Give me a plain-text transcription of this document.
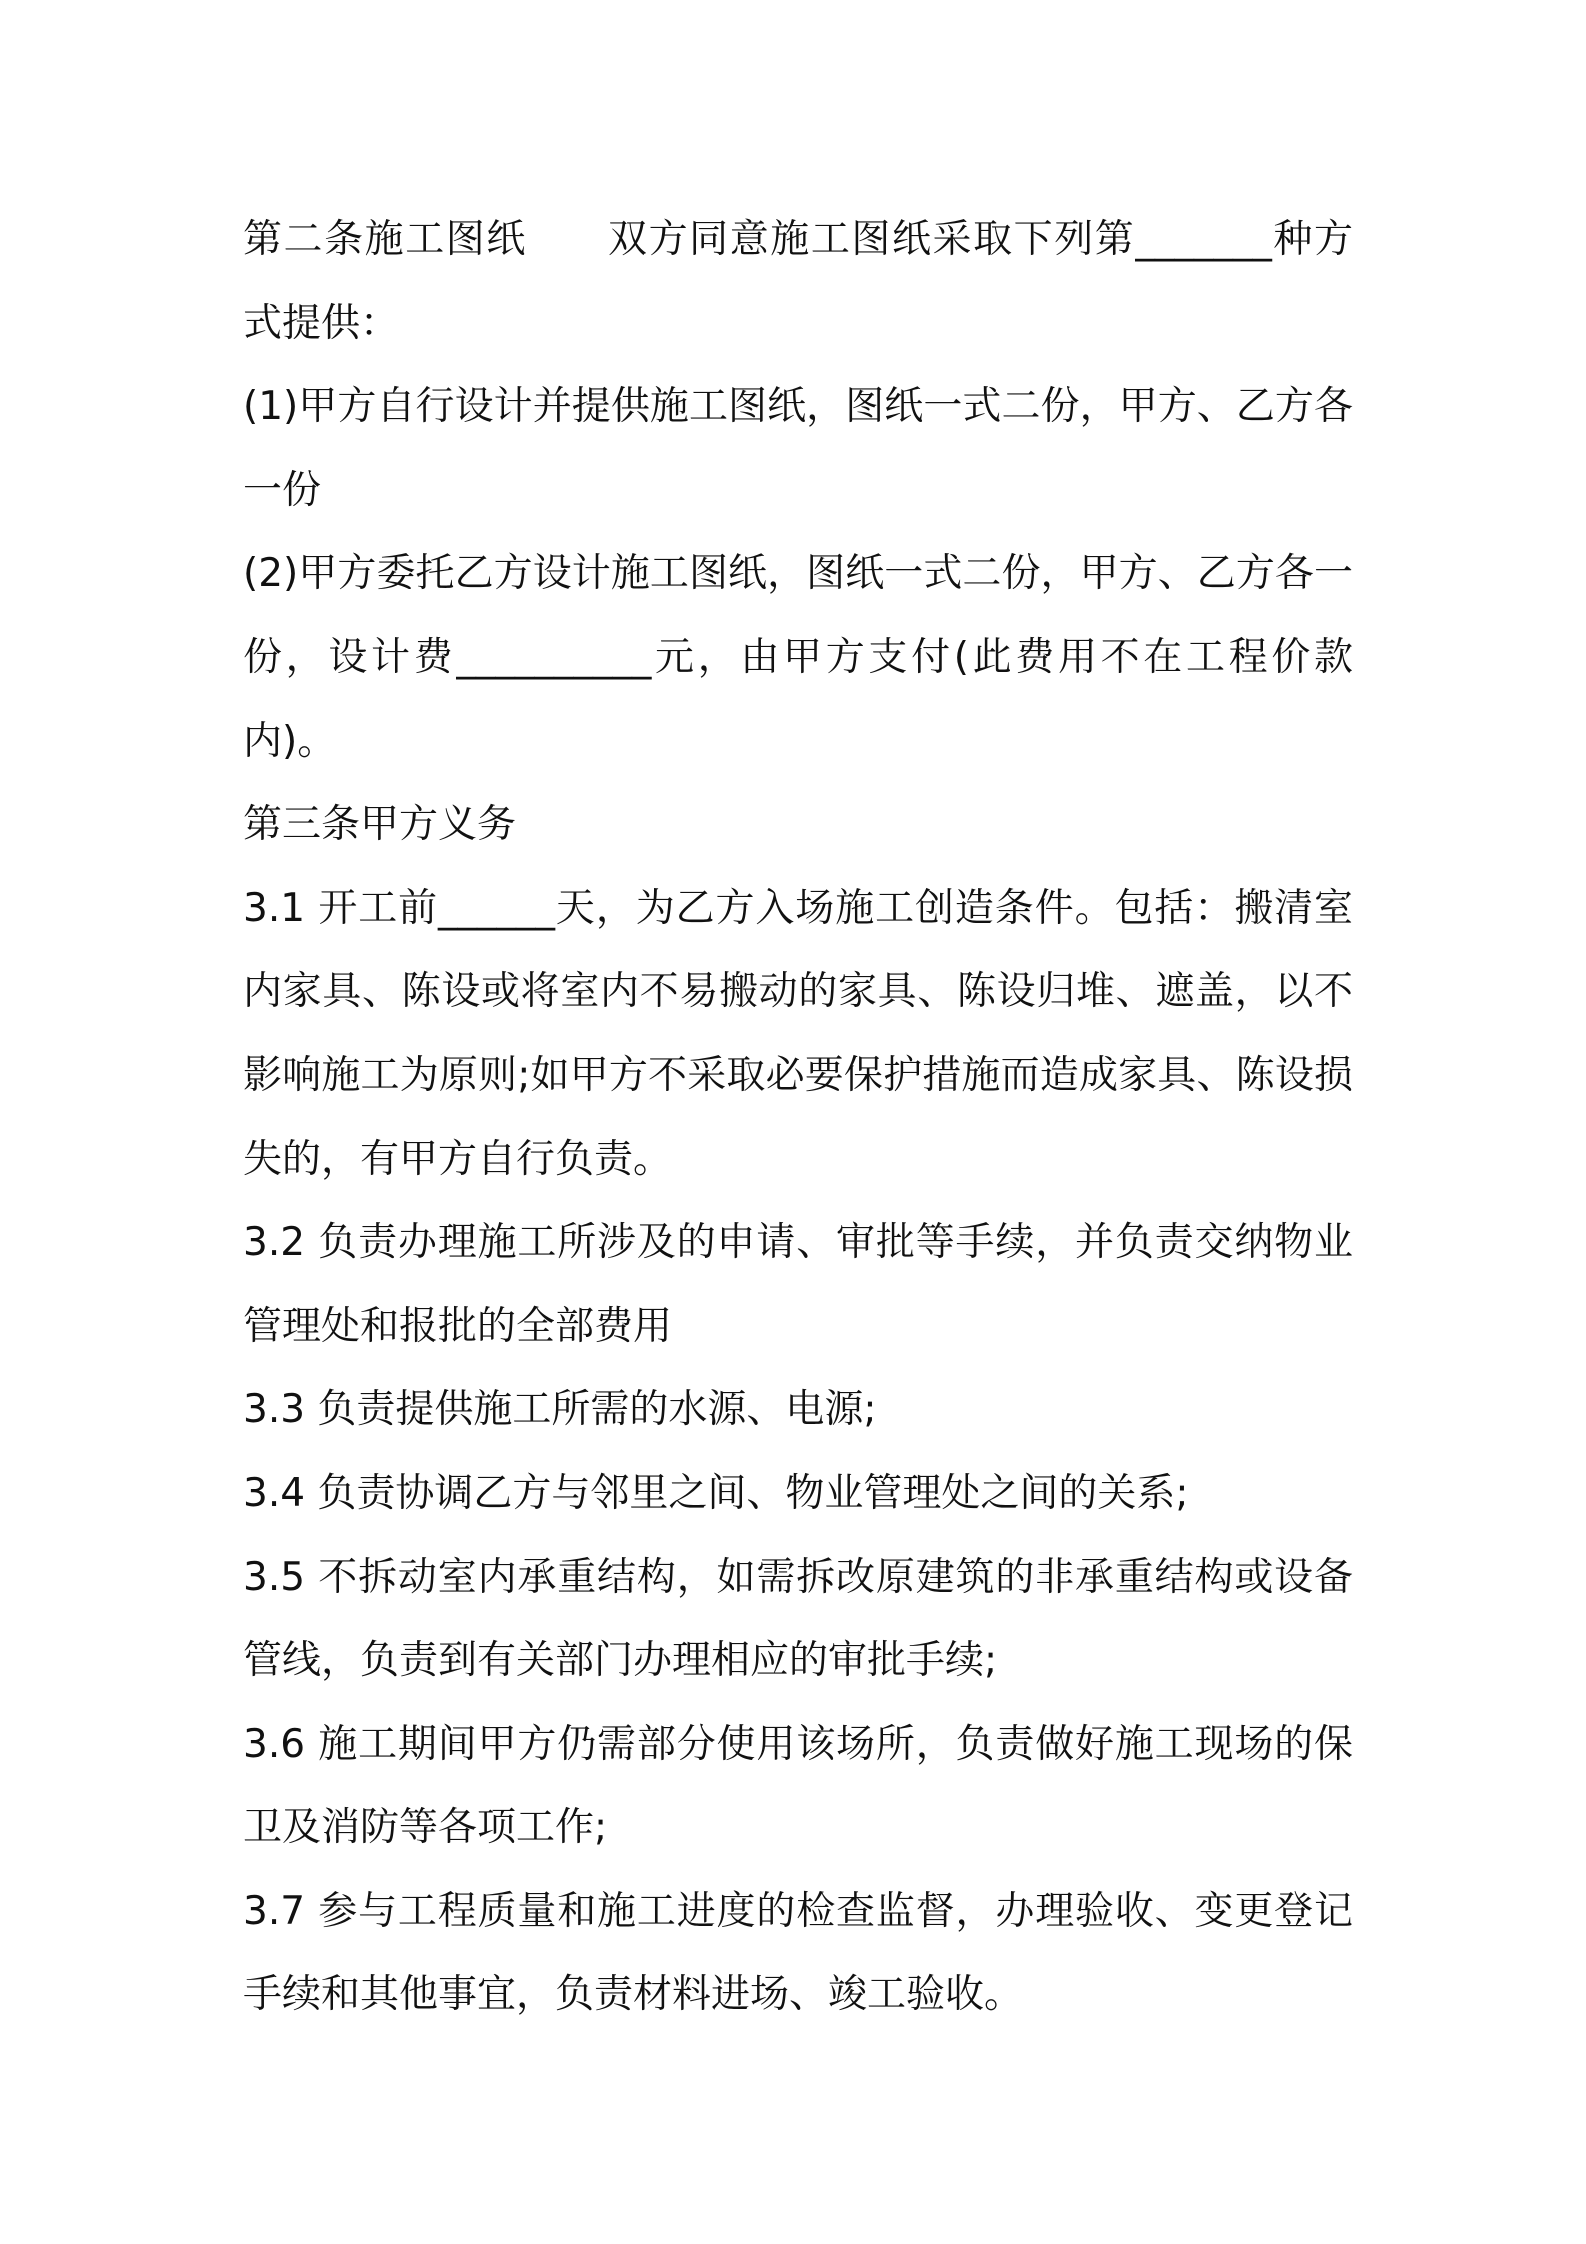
第二条施工图纸　　双方同意施工图纸采取下列第_______种方式提供：

(1)甲方自行设计并提供施工图纸，图纸一式二份，甲方、乙方各一份

(2)甲方委托乙方设计施工图纸，图纸一式二份，甲方、乙方各一份，设计费__________元，由甲方支付(此费用不在工程价款内)。

第三条甲方义务

3.1 开工前______天，为乙方入场施工创造条件。包括：搬清室内家具、陈设或将室内不易搬动的家具、陈设归堆、遮盖，以不影响施工为原则;如甲方不采取必要保护措施而造成家具、陈设损失的，有甲方自行负责。

3.2 负责办理施工所涉及的申请、审批等手续，并负责交纳物业管理处和报批的全部费用

3.3 负责提供施工所需的水源、电源;

3.4 负责协调乙方与邻里之间、物业管理处之间的关系;

3.5 不拆动室内承重结构，如需拆改原建筑的非承重结构或设备管线，负责到有关部门办理相应的审批手续;

3.6 施工期间甲方仍需部分使用该场所，负责做好施工现场的保卫及消防等各项工作;

3.7 参与工程质量和施工进度的检查监督，办理验收、变更登记手续和其他事宜，负责材料进场、竣工验收。
